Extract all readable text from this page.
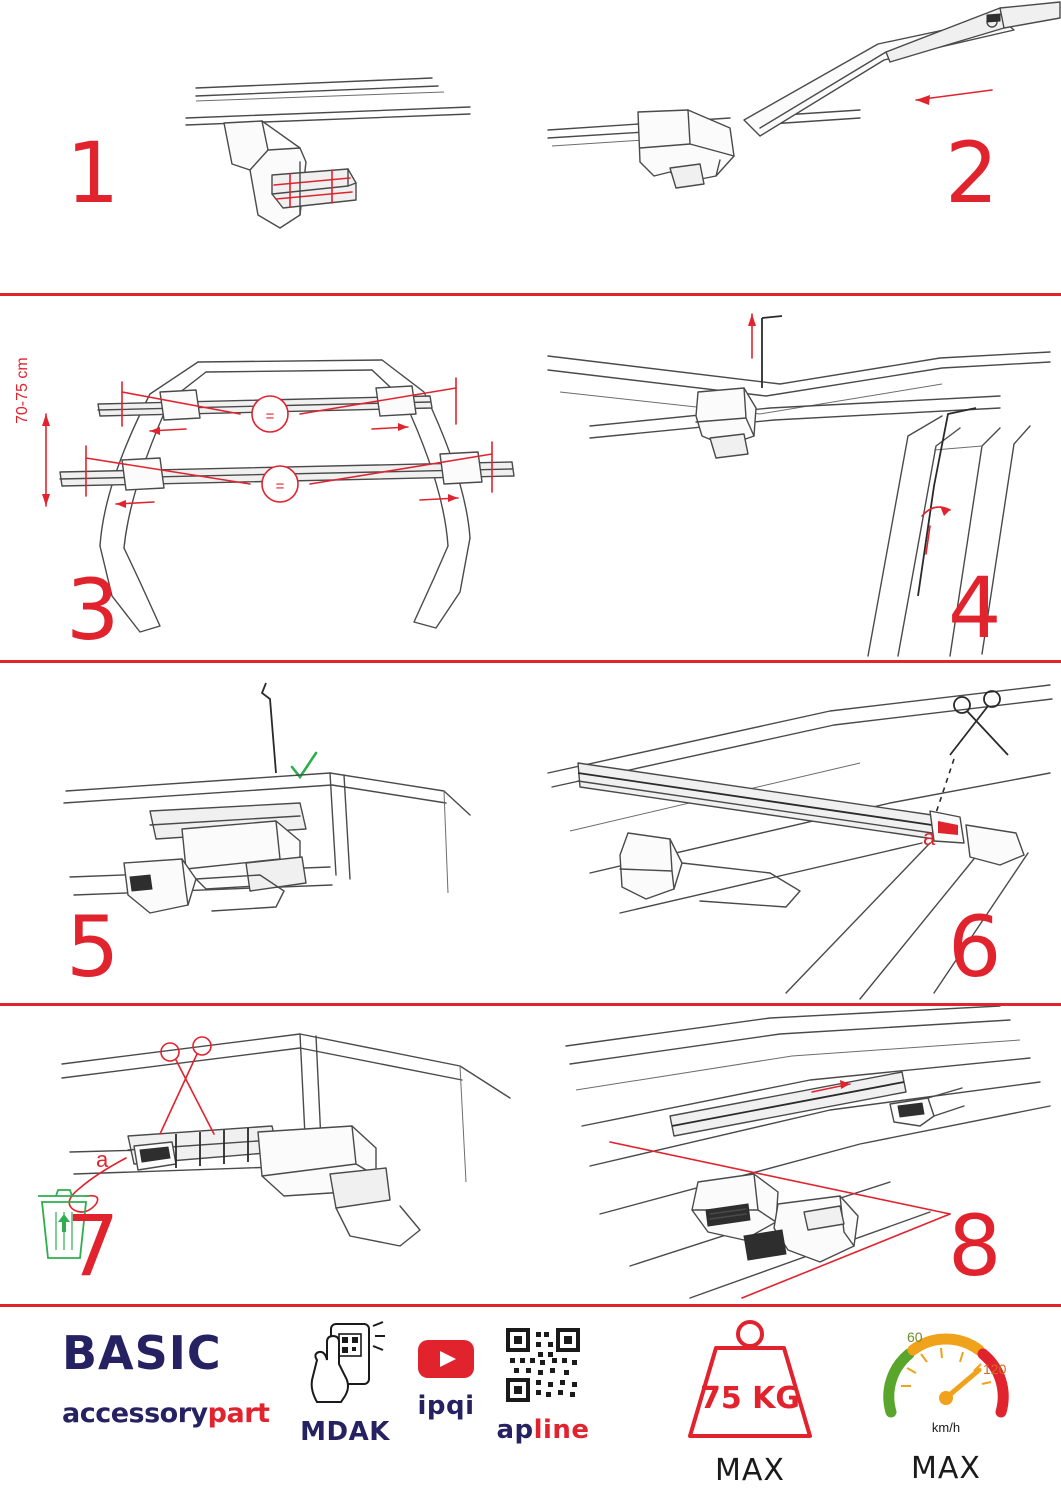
1	2
=
=
70-75 cm
3	4
5
a
6
a
7	8
BASIC
accessorypart
MDAK
ipqi
apline
75 KG
MAX
60
120
km/h
MAX
